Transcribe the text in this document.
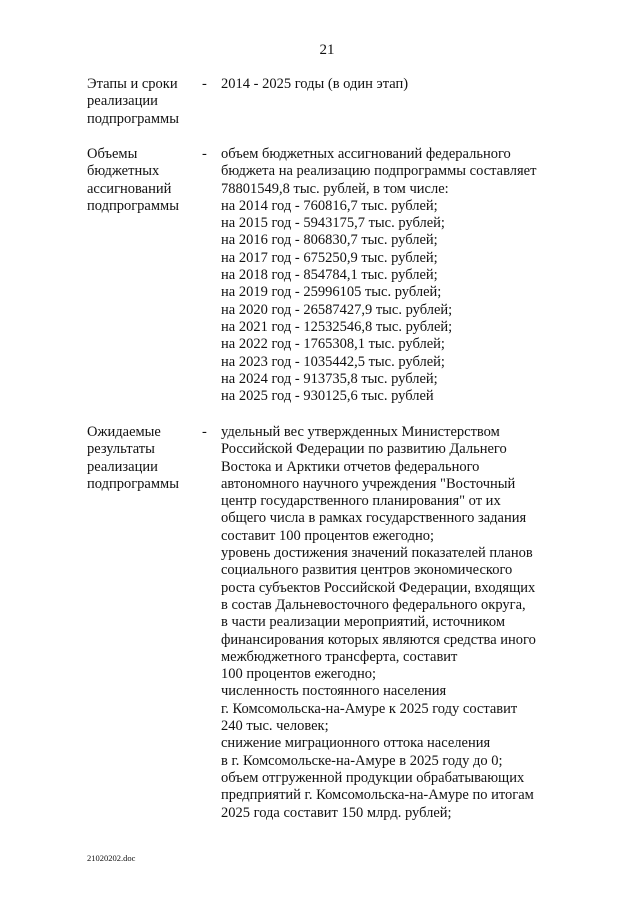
21
Этапы и сроки
реализации
подпрограммы
- 2014 - 2025 годы (в один этап)
Объемы
бюджетных
ассигнований
подпрограммы
- объем бюджетных ассигнований федерального
бюджета на реализацию подпрограммы составляет
78801549,8 тыс. рублей, в том числе:
на 2014 год - 760816,7 тыс. рублей;
на 2015 год - 5943175,7 тыс. рублей;
на 2016 год - 806830,7 тыс. рублей;
на 2017 год - 675250,9 тыс. рублей;
на 2018 год - 854784,1 тыс. рублей;
на 2019 год - 25996105 тыс. рублей;
на 2020 год - 26587427,9 тыс. рублей;
на 2021 год - 12532546,8 тыс. рублей;
на 2022 год - 1765308,1 тыс. рублей;
на 2023 год - 1035442,5 тыс. рублей;
на 2024 год - 913735,8 тыс. рублей;
на 2025 год - 930125,6 тыс. рублей
Ожидаемые
результаты
реализации
подпрограммы
- удельный вес утвержденных Министерством
Российской Федерации по развитию Дальнего
Востока и Арктики отчетов федерального
автономного научного учреждения "Восточный
центр государственного планирования" от их
общего числа в рамках государственного задания
составит 100 процентов ежегодно;
уровень достижения значений показателей планов
социального развития центров экономического
роста субъектов Российской Федерации, входящих
в состав Дальневосточного федерального округа,
в части реализации мероприятий, источником
финансирования которых являются средства иного
межбюджетного трансферта, составит
100 процентов ежегодно;
численность постоянного населения
г. Комсомольска-на-Амуре к 2025 году составит
240 тыс. человек;
снижение миграционного оттока населения
в г. Комсомольске-на-Амуре в 2025 году до 0;
объем отгруженной продукции обрабатывающих
предприятий г. Комсомольска-на-Амуре по итогам
2025 года составит 150 млрд. рублей;
21020202.doc
